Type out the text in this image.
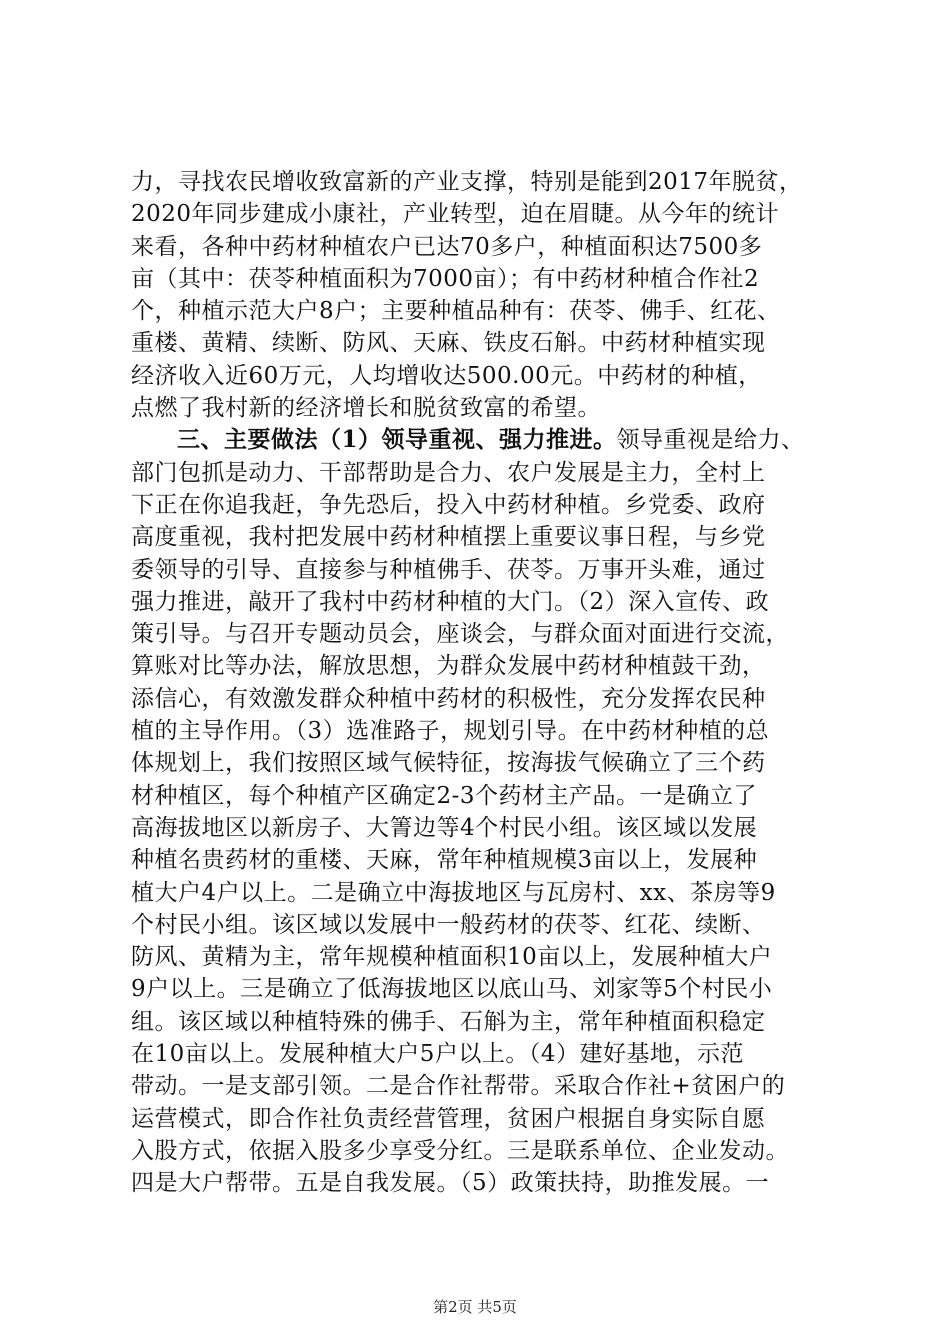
力，寻找农民增收致富新的产业支撑，特别是能到2017年脱贫，
2020年同步建成小康社，产业转型，迫在眉睫。从今年的统计
来看，各种中药材种植农户已达70多户，种植面积达7500多
亩（其中：茯苓种植面积为7000亩）；有中药材种植合作社2
个，种植示范大户8户；主要种植品种有：茯苓、佛手、红花、
重楼、黄精、续断、防风、天麻、铁皮石斛。中药材种植实现
经济收入近60万元，人均增收达500.00元。中药材的种植，
点燃了我村新的经济增长和脱贫致富的希望。
三、主要做法（1）领导重视、强力推进。领导重视是给力、
部门包抓是动力、干部帮助是合力、农户发展是主力，全村上
下正在你追我赶，争先恐后，投入中药材种植。乡党委、政府
高度重视，我村把发展中药材种植摆上重要议事日程，与乡党
委领导的引导、直接参与种植佛手、茯苓。万事开头难，通过
强力推进，敲开了我村中药材种植的大门。（2）深入宣传、政
策引导。与召开专题动员会，座谈会，与群众面对面进行交流，
算账对比等办法，解放思想，为群众发展中药材种植鼓干劲，
添信心，有效激发群众种植中药材的积极性，充分发挥农民种
植的主导作用。（3）选准路子，规划引导。在中药材种植的总
体规划上，我们按照区域气候特征，按海拔气候确立了三个药
材种植区，每个种植产区确定2-3个药材主产品。一是确立了
高海拔地区以新房子、大箐边等4个村民小组。该区域以发展
种植名贵药材的重楼、天麻，常年种植规模3亩以上，发展种
植大户4户以上。二是确立中海拔地区与瓦房村、xx、茶房等9
个村民小组。该区域以发展中一般药材的茯苓、红花、续断、
防风、黄精为主，常年规模种植面积10亩以上，发展种植大户
9户以上。三是确立了低海拔地区以底山马、刘家等5个村民小
组。该区域以种植特殊的佛手、石斛为主，常年种植面积稳定
在10亩以上。发展种植大户5户以上。（4）建好基地，示范
带动。一是支部引领。二是合作社帮带。采取合作社+贫困户的
运营模式，即合作社负责经营管理，贫困户根据自身实际自愿
入股方式，依据入股多少享受分红。三是联系单位、企业发动。
四是大户帮带。五是自我发展。（5）政策扶持，助推发展。一
第2页 共5页
